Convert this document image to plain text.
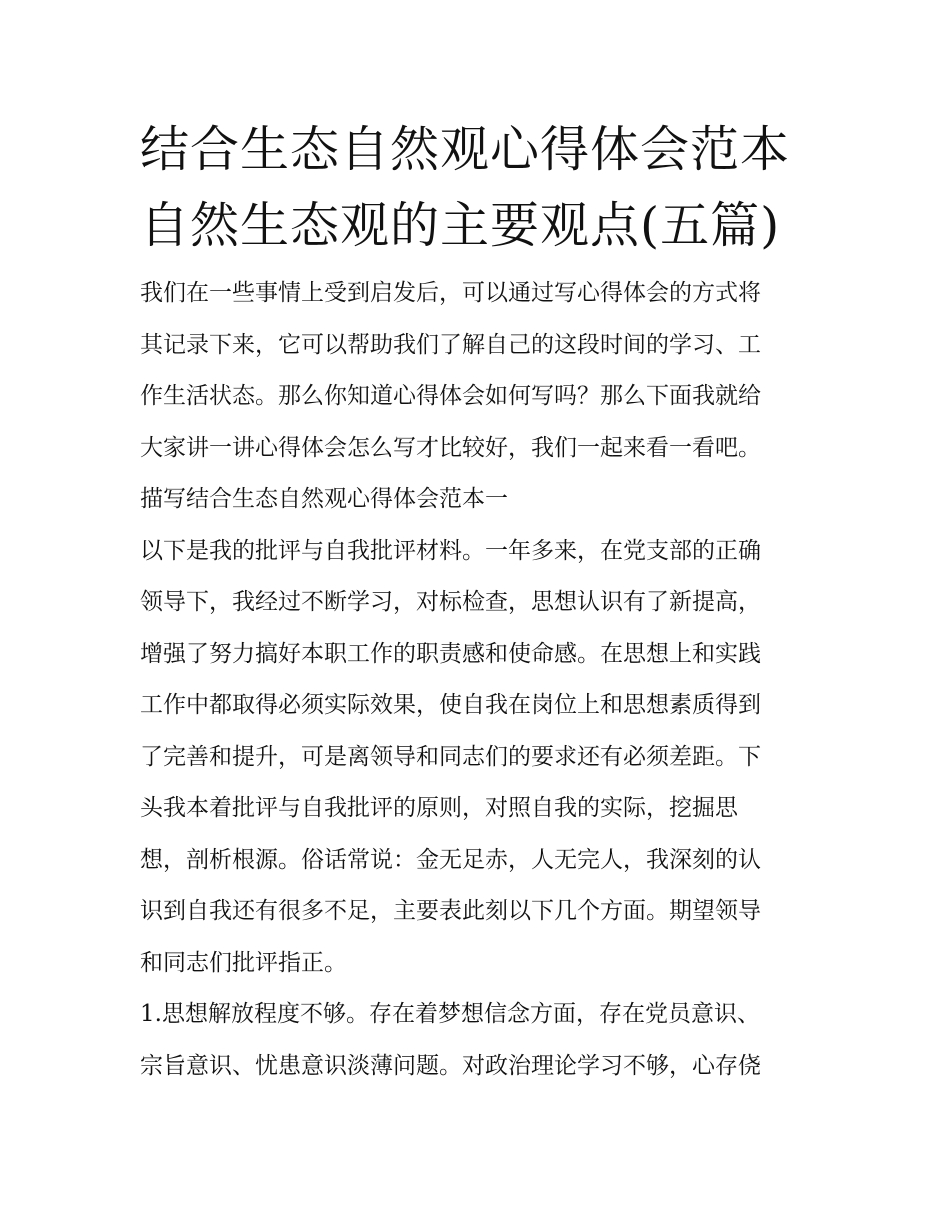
结合生态自然观心得体会范本
自然生态观的主要观点(五篇)
我们在一些事情上受到启发后，可以通过写心得体会的方式将
其记录下来，它可以帮助我们了解自己的这段时间的学习、工
作生活状态。那么你知道心得体会如何写吗？那么下面我就给
大家讲一讲心得体会怎么写才比较好，我们一起来看一看吧。
描写结合生态自然观心得体会范本一
以下是我的批评与自我批评材料。一年多来，在党支部的正确
领导下，我经过不断学习，对标检查，思想认识有了新提高，
增强了努力搞好本职工作的职责感和使命感。在思想上和实践
工作中都取得必须实际效果，使自我在岗位上和思想素质得到
了完善和提升，可是离领导和同志们的要求还有必须差距。下
头我本着批评与自我批评的原则，对照自我的实际，挖掘思
想，剖析根源。俗话常说：金无足赤，人无完人，我深刻的认
识到自我还有很多不足，主要表此刻以下几个方面。期望领导
和同志们批评指正。
1.思想解放程度不够。存在着梦想信念方面，存在党员意识、
宗旨意识、忧患意识淡薄问题。对政治理论学习不够，心存侥
